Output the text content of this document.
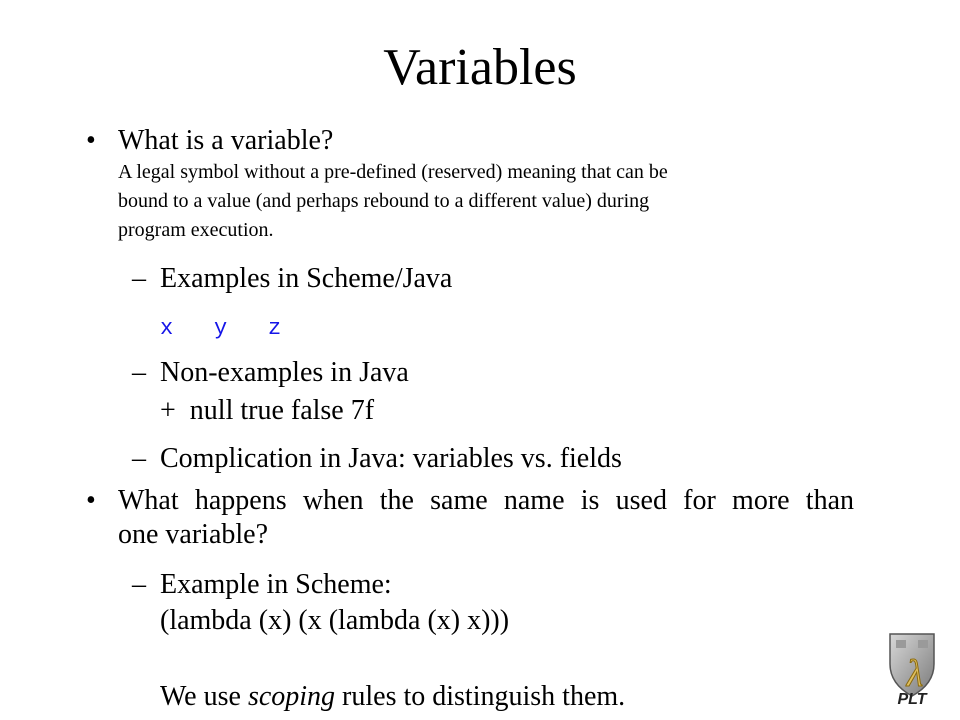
Variables
• What is a variable?
A legal symbol without a pre-defined (reserved) meaning that can be
bound to a value (and perhaps rebound to a different value) during
program execution.
– Examples in Scheme/Java
x y z
– Non-examples in Java
+  null true false 7f
– Complication in Java: variables vs. fields
• What happens when the same name is used for more than
one variable?
– Example in Scheme:
(lambda (x) (x (lambda (x) x)))
We use scoping rules to distinguish them.
λ
PLT
